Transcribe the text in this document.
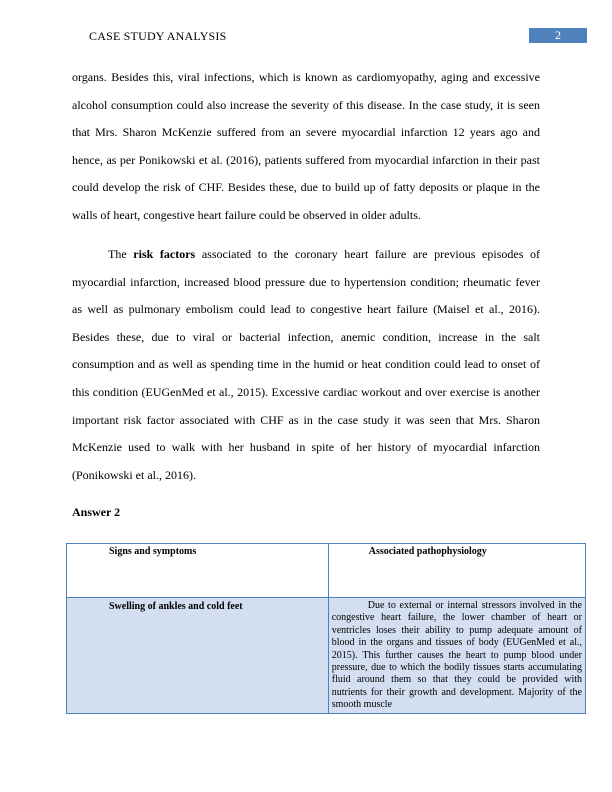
CASE STUDY ANALYSIS	2

organs. Besides this, viral infections, which is known as cardiomyopathy, aging and excessive alcohol consumption could also increase the severity of this disease. In the case study, it is seen that Mrs. Sharon McKenzie suffered from an severe myocardial infarction 12 years ago and hence, as per Ponikowski et al. (2016), patients suffered from myocardial infarction in their past could develop the risk of CHF. Besides these, due to build up of fatty deposits or plaque in the walls of heart, congestive heart failure could be observed in older adults.

The risk factors associated to the coronary heart failure are previous episodes of myocardial infarction, increased blood pressure due to hypertension condition; rheumatic fever as well as pulmonary embolism could lead to congestive heart failure (Maisel et al., 2016). Besides these, due to viral or bacterial infection, anemic condition, increase in the salt consumption and as well as spending time in the humid or heat condition could lead to onset of this condition (EUGenMed et al., 2015). Excessive cardiac workout and over exercise is another important risk factor associated with CHF as in the case study it was seen that Mrs. Sharon McKenzie used to walk with her husband in spite of her history of myocardial infarction (Ponikowski et al., 2016).

Answer 2

Signs and symptoms	Associated pathophysiology
Swelling of ankles and cold feet	Due to external or internal stressors involved in the congestive heart failure, the lower chamber of heart or ventricles loses their ability to pump adequate amount of blood in the organs and tissues of body (EUGenMed et al., 2015). This further causes the heart to pump blood under pressure, due to which the bodily tissues starts accumulating fluid around them so that they could be provided with nutrients for their growth and development. Majority of the smooth muscle
